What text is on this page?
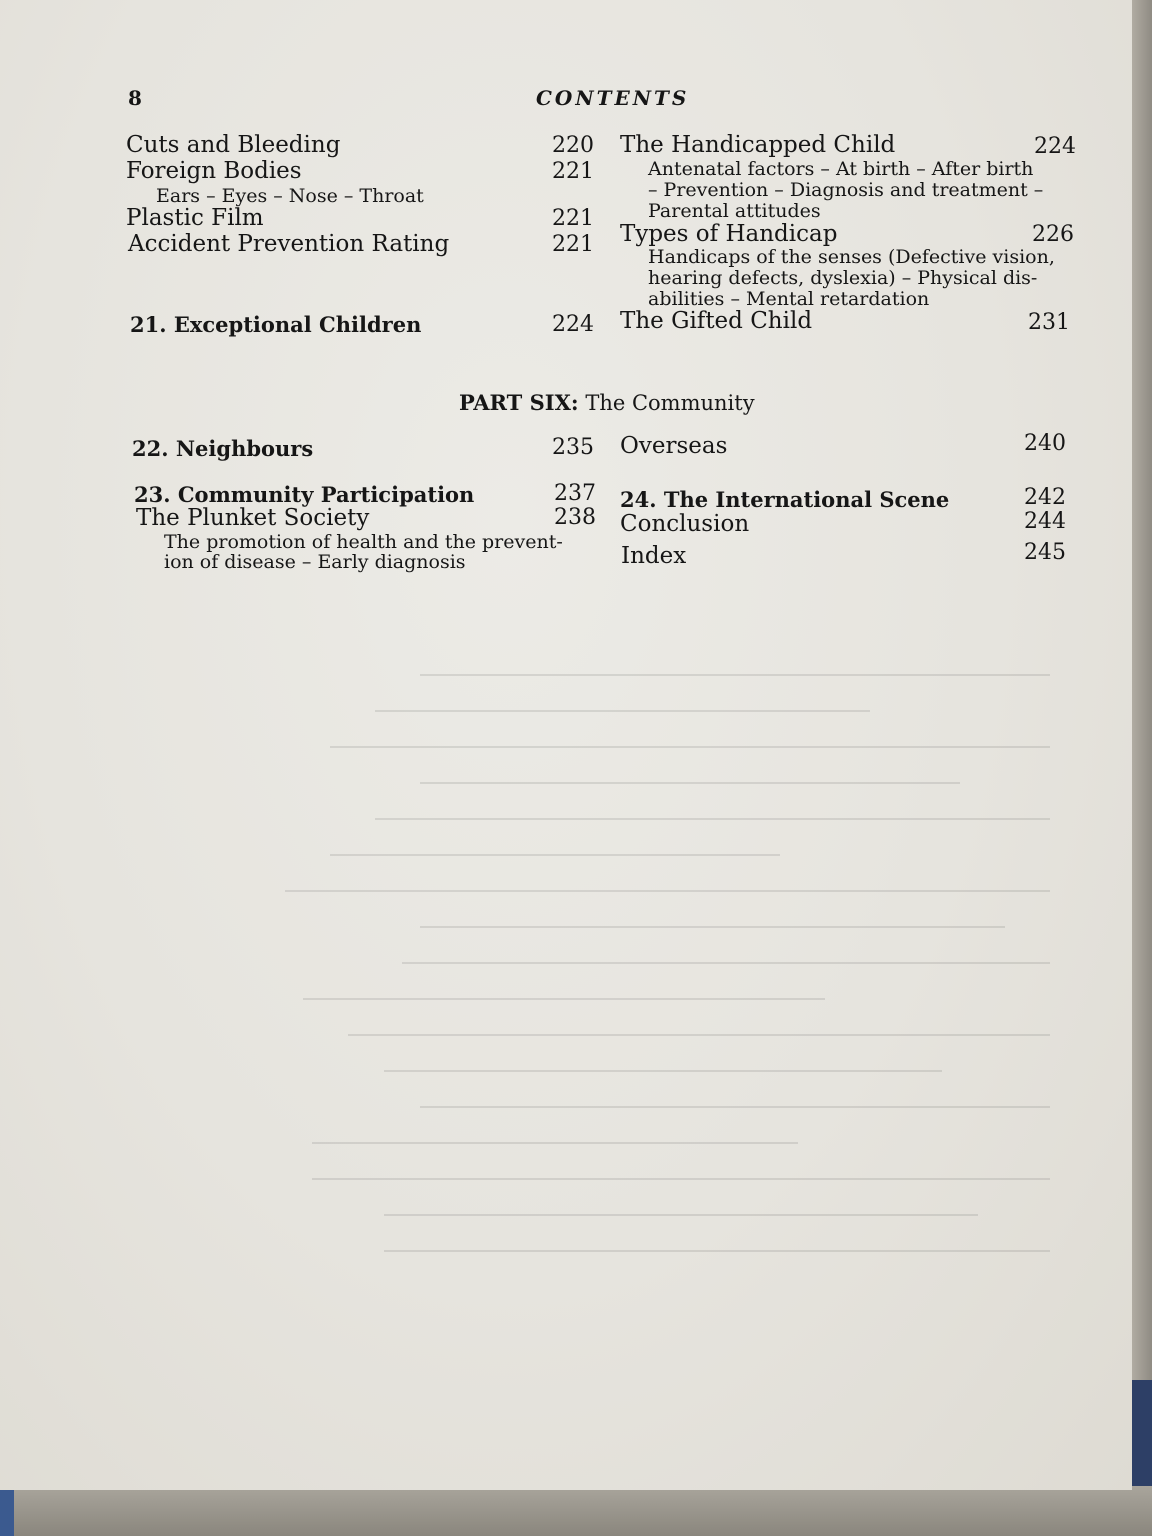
8	CONTENTS
Cuts and Bleeding	220
Foreign Bodies	221
Ears – Eyes – Nose – Throat
Plastic Film	221
Accident Prevention Rating	221
21. Exceptional Children	224
The Handicapped Child	224
Antenatal factors – At birth – After birth
– Prevention – Diagnosis and treatment –
Parental attitudes
Types of Handicap	226
Handicaps of the senses (Defective vision,
hearing defects, dyslexia) – Physical dis-
abilities – Mental retardation
The Gifted Child	231
PART SIX: The Community
22. Neighbours	235
23. Community Participation	237
The Plunket Society	238
The promotion of health and the prevent-
ion of disease – Early diagnosis
Overseas	240
24. The International Scene	242
Conclusion	244
Index	245
